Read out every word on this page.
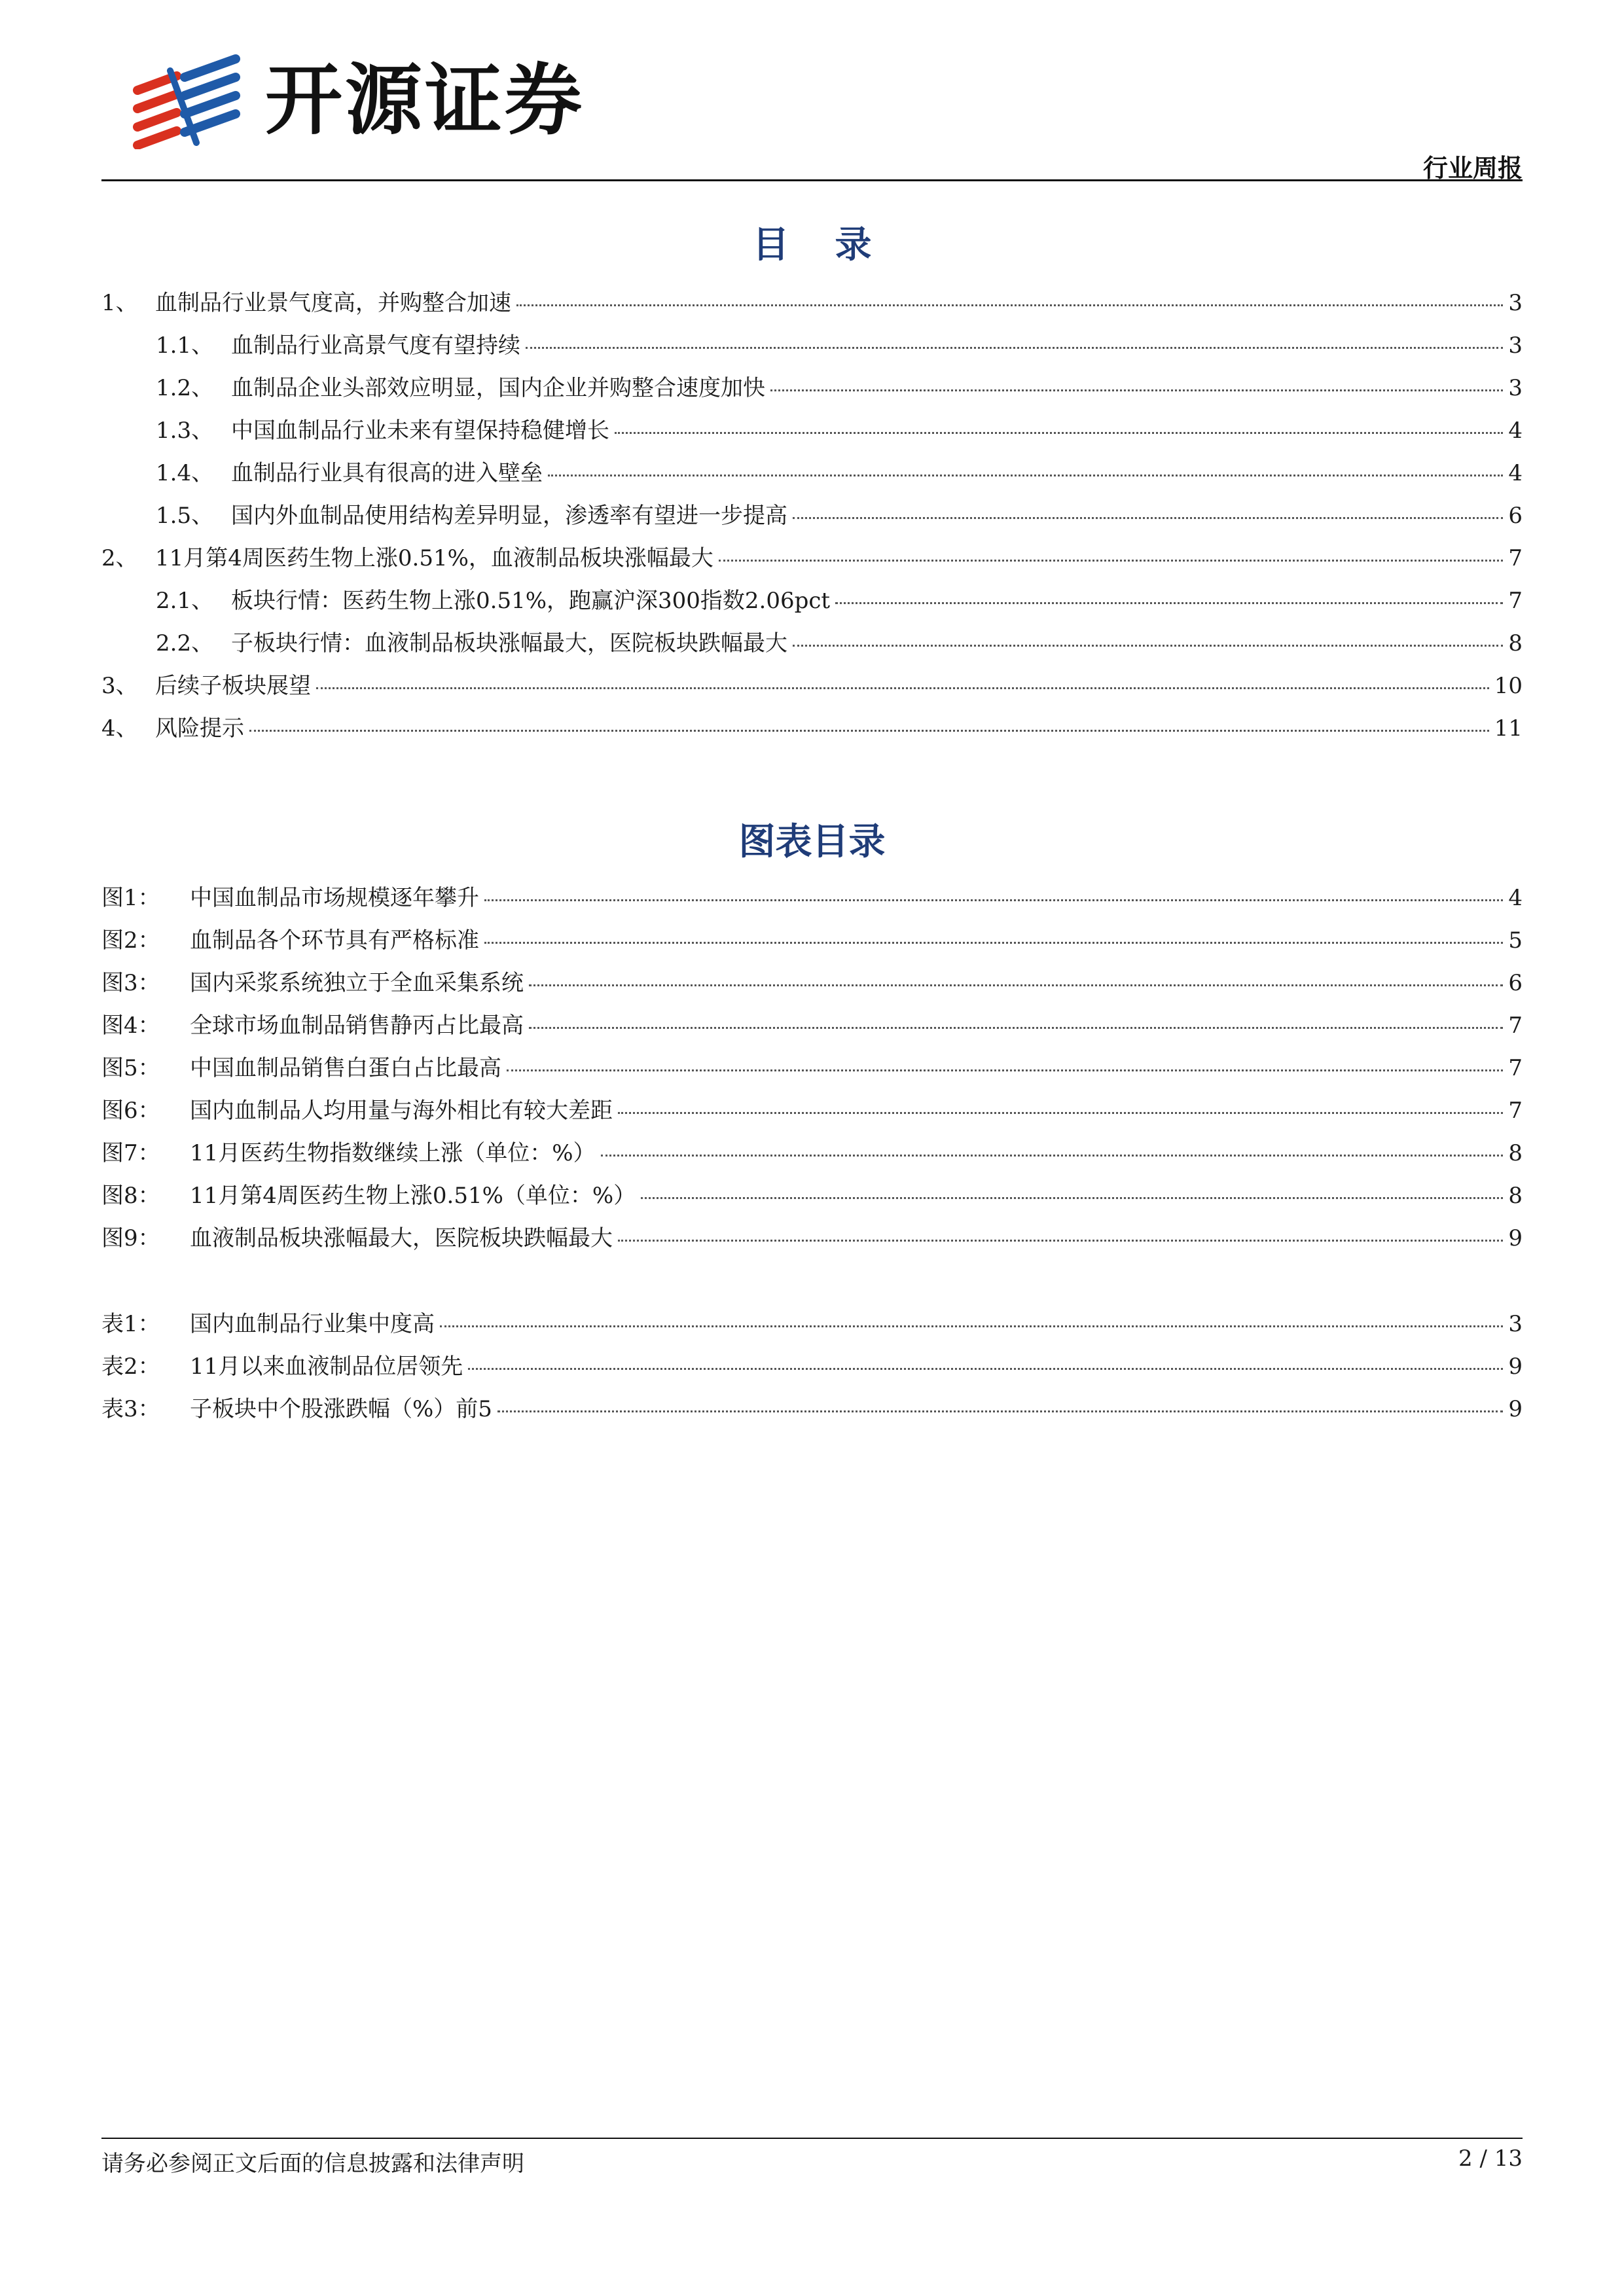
开源证券
行业周报
目录
1、 血制品行业景气度高，并购整合加速	3
1.1、 血制品行业高景气度有望持续	3
1.2、 血制品企业头部效应明显，国内企业并购整合速度加快	3
1.3、 中国血制品行业未来有望保持稳健增长	4
1.4、 血制品行业具有很高的进入壁垒	4
1.5、 国内外血制品使用结构差异明显，渗透率有望进一步提高	6
2、 11月第4周医药生物上涨0.51%，血液制品板块涨幅最大	7
2.1、 板块行情：医药生物上涨0.51%，跑赢沪深300指数2.06pct	7
2.2、 子板块行情：血液制品板块涨幅最大，医院板块跌幅最大	8
3、 后续子板块展望	10
4、 风险提示	11
图表目录
图1：	中国血制品市场规模逐年攀升	4
图2：	血制品各个环节具有严格标准	5
图3：	国内采浆系统独立于全血采集系统	6
图4：	全球市场血制品销售静丙占比最高	7
图5：	中国血制品销售白蛋白占比最高	7
图6：	国内血制品人均用量与海外相比有较大差距	7
图7：	11月医药生物指数继续上涨（单位：%）	8
图8：	11月第4周医药生物上涨0.51%（单位：%）	8
图9：	血液制品板块涨幅最大，医院板块跌幅最大	9
表1：	国内血制品行业集中度高	3
表2：	11月以来血液制品位居领先	9
表3：	子板块中个股涨跌幅（%）前5	9
请务必参阅正文后面的信息披露和法律声明	2 / 13
